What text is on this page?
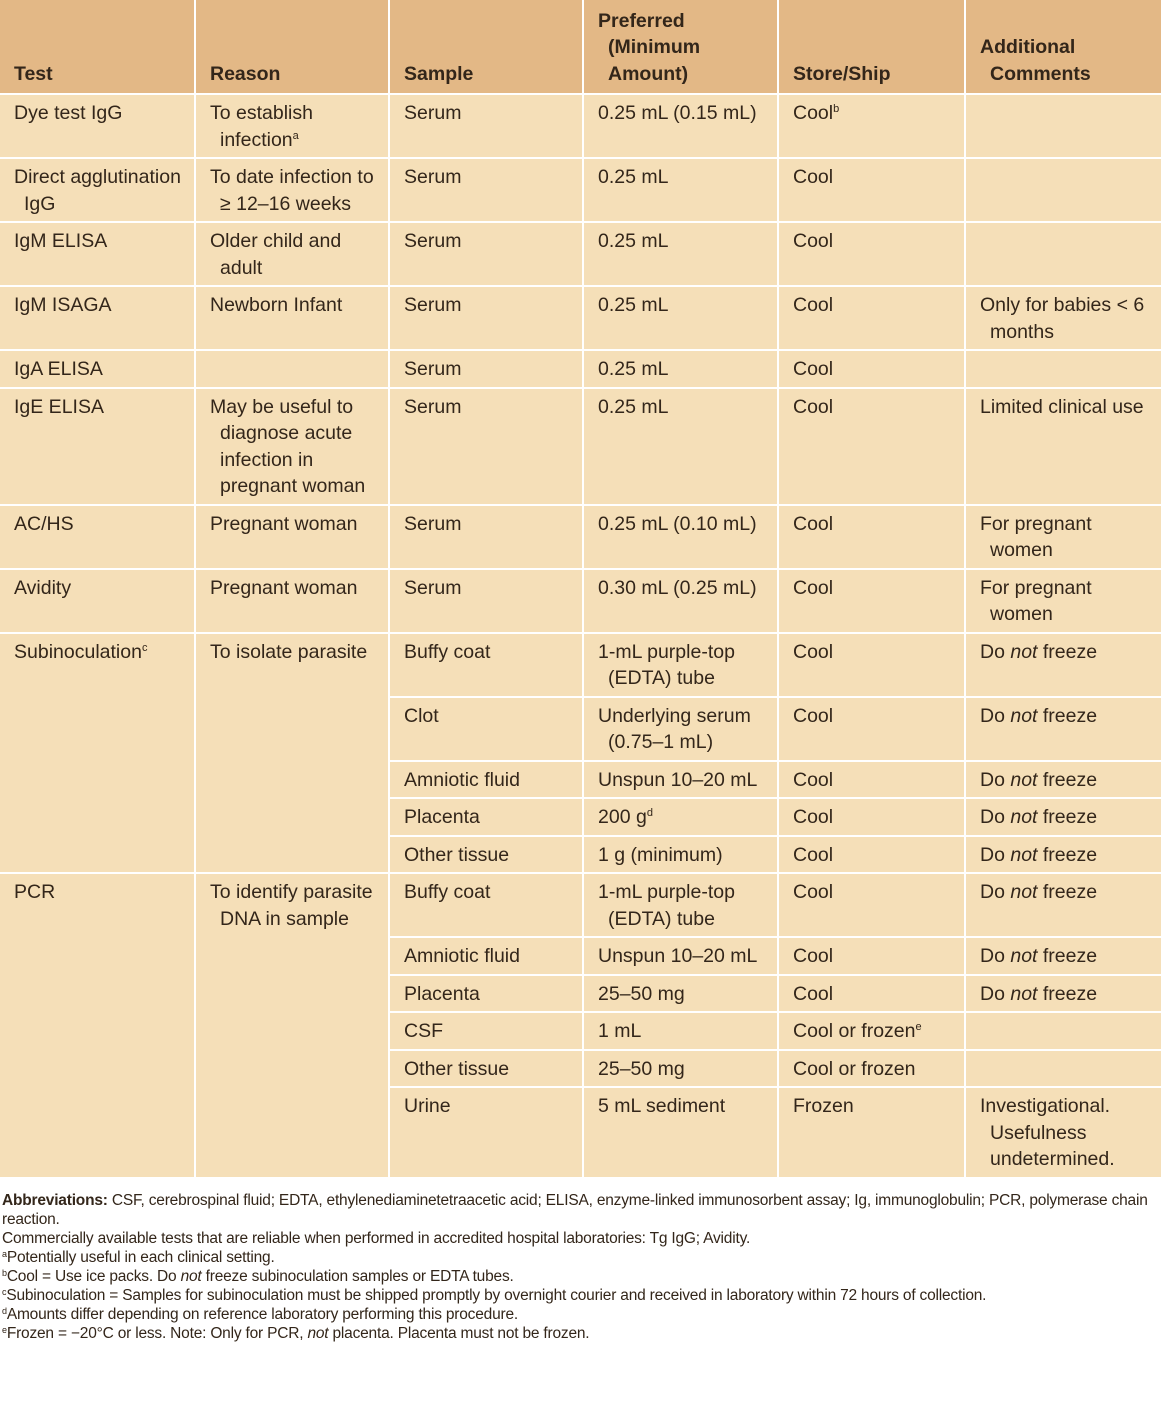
Test	Reason	Sample	Preferred (Minimum Amount)	Store/Ship	Additional Comments
Dye test IgG	To establish infection$^a$	Serum	0.25 mL (0.15 mL)	Cool$^b$	
Direct agglutination IgG	To date infection to ≥ 12–16 weeks	Serum	0.25 mL	Cool	
IgM ELISA	Older child and adult	Serum	0.25 mL	Cool	
IgM ISAGA	Newborn Infant	Serum	0.25 mL	Cool	Only for babies < 6 months
IgA ELISA		Serum	0.25 mL	Cool	
IgE ELISA	May be useful to diagnose acute infection in pregnant woman	Serum	0.25 mL	Cool	Limited clinical use
AC/HS	Pregnant woman	Serum	0.25 mL (0.10 mL)	Cool	For pregnant women
Avidity	Pregnant woman	Serum	0.30 mL (0.25 mL)	Cool	For pregnant women
Subinoculation$^c$	To isolate parasite	Buffy coat	1-mL purple-top (EDTA) tube	Cool	Do not freeze
		Clot	Underlying serum (0.75–1 mL)	Cool	Do not freeze
		Amniotic fluid	Unspun 10–20 mL	Cool	Do not freeze
		Placenta	200 $g^d$	Cool	Do not freeze
		Other tissue	1 g (minimum)	Cool	Do not freeze
PCR	To identify parasite DNA in sample	Buffy coat	1-mL purple-top (EDTA) tube	Cool	Do not freeze
		Amniotic fluid	Unspun 10–20 mL	Cool	Do not freeze
		Placenta	25–50 mg	Cool	Do not freeze
		CSF	1 mL	Cool or frozen$^e$	
		Other tissue	25–50 mg	Cool or frozen	
		Urine	5 mL sediment	Frozen	Investigational. Usefulness undetermined.
Abbreviations: CSF, cerebrospinal fluid; EDTA, ethylenediaminetetraacetic acid; ELISA, enzyme-linked immunosorbent assay; Ig, immunoglobulin; PCR, polymerase chain reaction.
Commercially available tests that are reliable when performed in accredited hospital laboratories: Tg IgG; Avidity.
$^a$Potentially useful in each clinical setting.
$^b$Cool = Use ice packs. Do not freeze subinoculation samples or EDTA tubes.
$^c$Subinoculation = Samples for subinoculation must be shipped promptly by overnight courier and received in laboratory within 72 hours of collection.
$^d$Amounts differ depending on reference laboratory performing this procedure.
$^e$Frozen = −20°C or less. Note: Only for PCR, not placenta. Placenta must not be frozen.
